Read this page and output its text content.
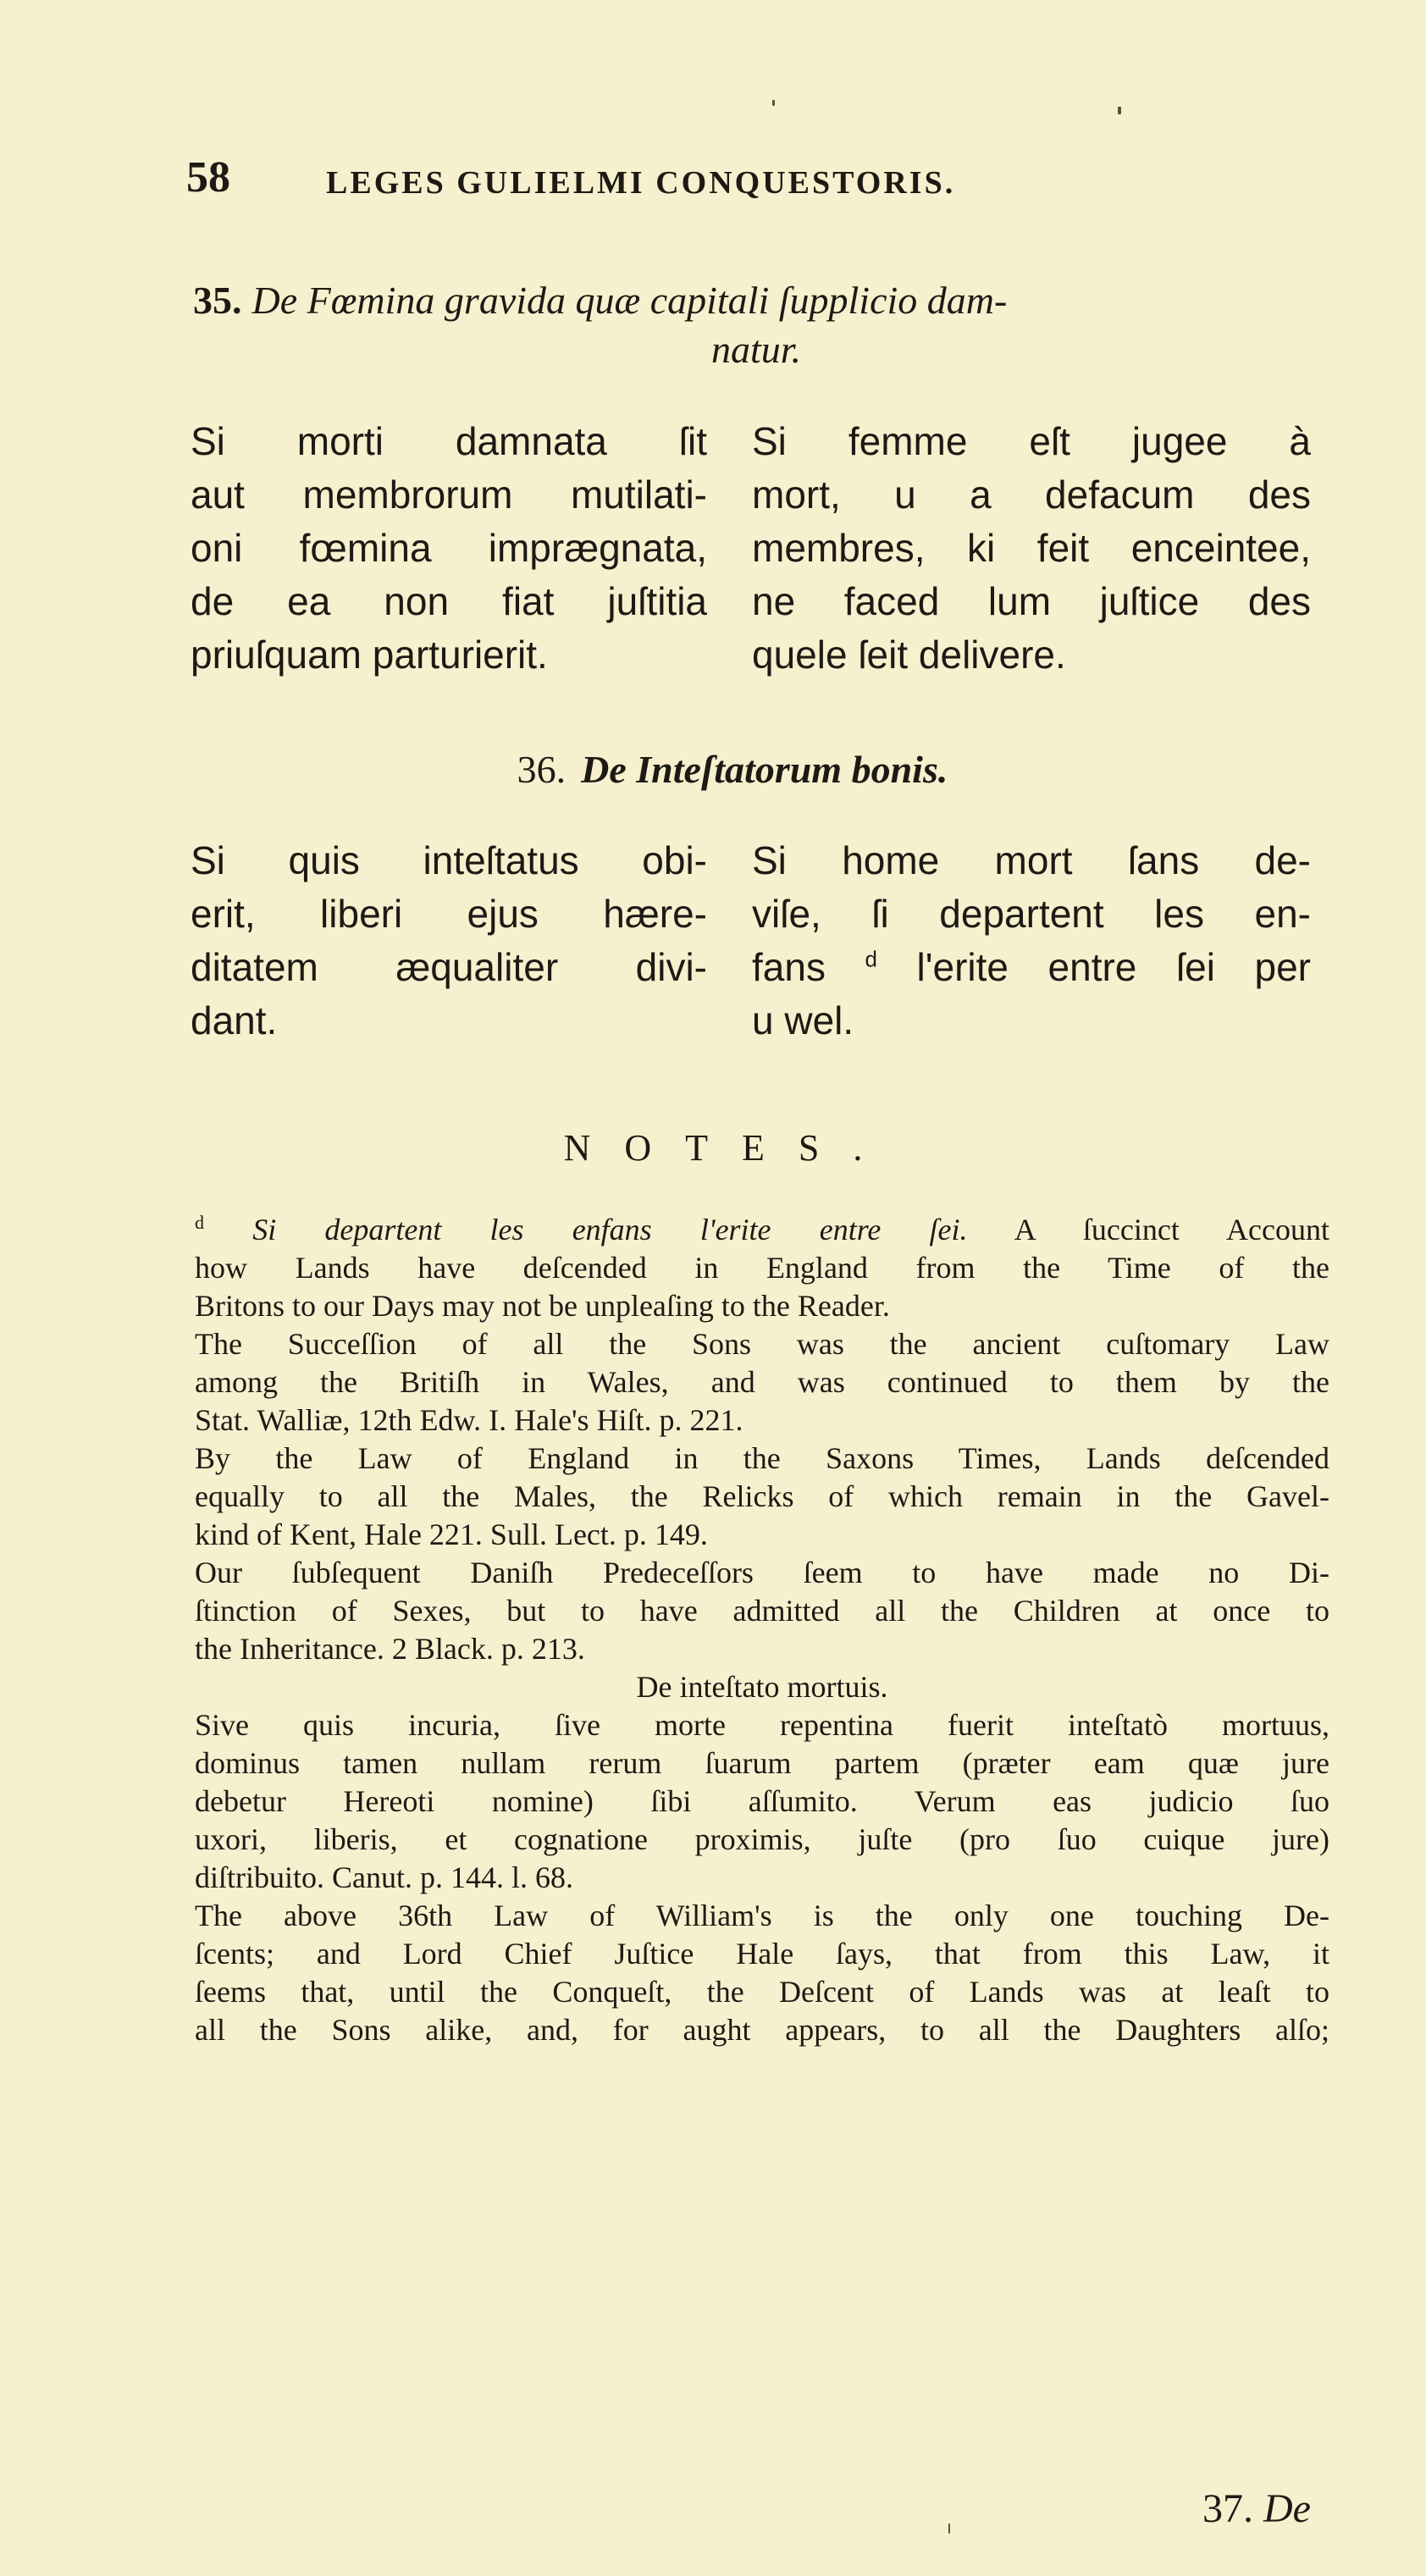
58	LEGES GULIELMI CONQUESTORIS.
35. De Fœmina gravida quæ capitali ſupplicio dam-
natur.
Si morti damnata ſit
aut membrorum mutilati-
oni fœmina imprægnata,
de ea non fiat juſtitia
priuſquam parturierit.
Si femme eſt jugee à
mort, u a defacum des
membres, ki feit enceintee,
ne faced lum juſtice des
quele ſeit delivere.
36. De Inteſtatorum bonis.
Si quis inteſtatus obi-
erit, liberi ejus hære-
ditatem æqualiter divi-
dant.
Si home mort ſans de-
viſe, ſi departent les en-
fans $^d$ l'erite entre ſei per
u wel.
NOTES.
$^d$ Si departent les enfans l'erite entre ſei. A ſuccinct Account
how Lands have deſcended in England from the Time of the
Britons to our Days may not be unpleaſing to the Reader.
The Succeſſion of all the Sons was the ancient cuſtomary Law
among the Britiſh in Wales, and was continued to them by the
Stat. Walliæ, 12th Edw. I. Hale's Hiſt. p. 221.
By the Law of England in the Saxons Times, Lands deſcended
equally to all the Males, the Relicks of which remain in the Gavel-
kind of Kent, Hale 221. Sull. Lect. p. 149.
Our ſubſequent Daniſh Predeceſſors ſeem to have made no Di-
ſtinction of Sexes, but to have admitted all the Children at once to
the Inheritance. 2 Black. p. 213.
De inteſtato mortuis.
Sive quis incuria, ſive morte repentina fuerit inteſtatò mortuus,
dominus tamen nullam rerum ſuarum partem (præter eam quæ jure
debetur Hereoti nomine) ſibi aſſumito. Verum eas judicio ſuo
uxori, liberis, et cognatione proximis, juſte (pro ſuo cuique jure)
diſtribuito. Canut. p. 144. l. 68.
The above 36th Law of William's is the only one touching De-
ſcents; and Lord Chief Juſtice Hale ſays, that from this Law, it
ſeems that, until the Conqueſt, the Deſcent of Lands was at leaſt to
all the Sons alike, and, for aught appears, to all the Daughters alſo;
37. De
